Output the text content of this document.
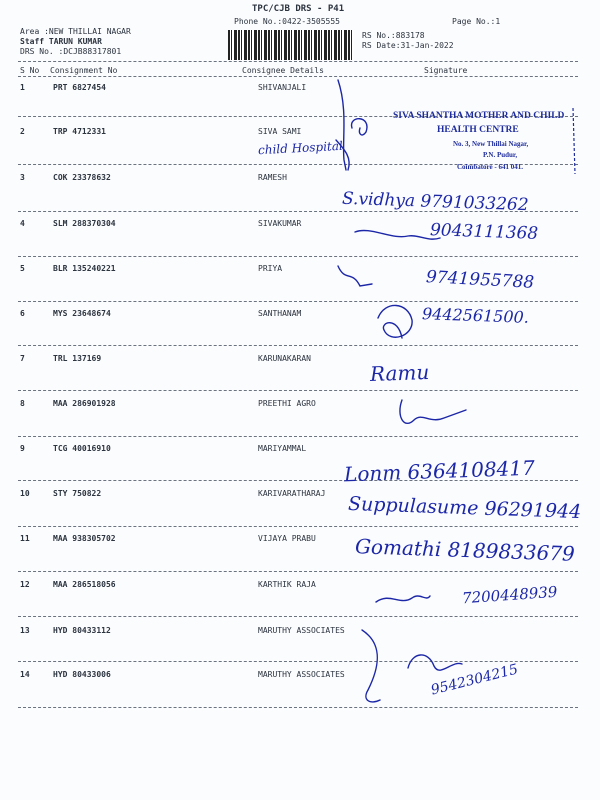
TPC/CJB DRS - P41
Phone No.:0422-3505555	Page No.:1
Area :NEW THILLAI NAGAR
Staff TARUN KUMAR
DRS No. :DCJB88317801
RS No.:883178
RS Date:31-Jan-2022
S No Consignment No	Consignee Details	Signature
1	PRT 6827454	SHIVANJALI
2	TRP 4712331	SIVA SAMI
3	COK 23378632	RAMESH
4	SLM 288370304	SIVAKUMAR
5	BLR 135240221	PRIYA
6	MYS 23648674	SANTHANAM
7	TRL 137169	KARUNAKARAN
8	MAA 286901928	PREETHI AGRO
9	TCG 40016910	MARIYAMMAL
10	STY 750822	KARIVARATHARAJ
11	MAA 938305702	VIJAYA PRABU
12	MAA 286518056	KARTHIK RAJA
13	HYD 80433112	MARUTHY ASSOCIATES
14	HYD 80433006	MARUTHY ASSOCIATES
SIVA SHANTHA MOTHER AND CHILD
HEALTH CENTRE
No. 3, New Thillai Nagar,
P.N. Pudur,
Coimbatore - 641 041.
child Hospital
S.vidhya 9791033262
9043111368
9741955788
9442561500.
Ramu
Lonm 6364108417
Suppulasume 96291944
Gomathi 8189833679
7200448939
9542304215
